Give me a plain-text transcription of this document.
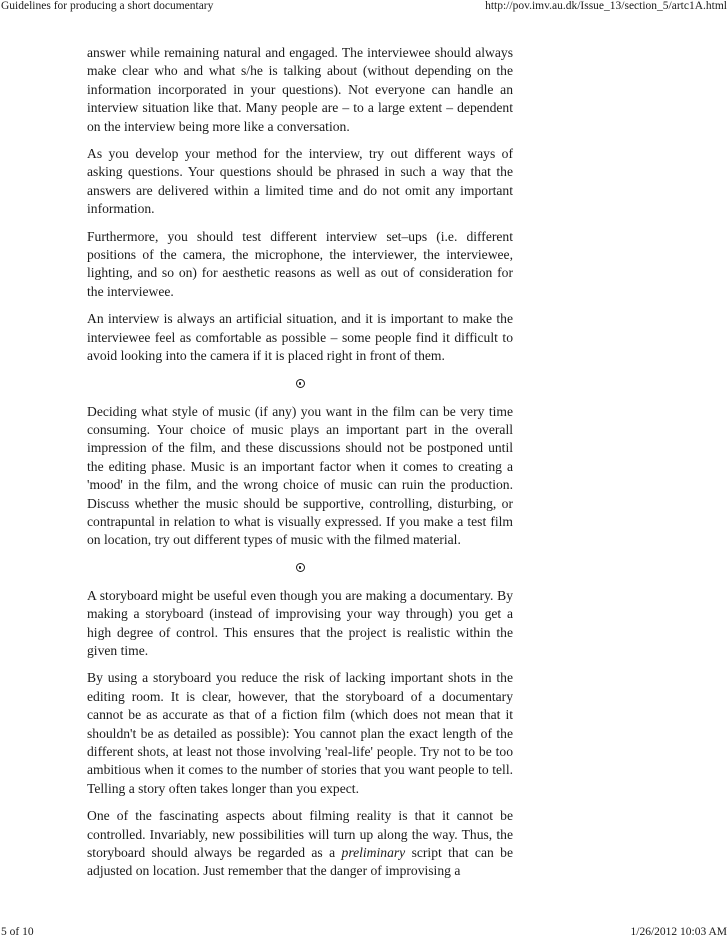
Guidelines for producing a short documentary	http://pov.imv.au.dk/Issue_13/section_5/artc1A.html

answer while remaining natural and engaged. The interviewee should always make clear who and what s/he is talking about (without depending on the information incorporated in your questions). Not everyone can handle an interview situation like that. Many people are – to a large extent – dependent on the interview being more like a conversation.

As you develop your method for the interview, try out different ways of asking questions. Your questions should be phrased in such a way that the answers are delivered within a limited time and do not omit any important information.

Furthermore, you should test different interview set–ups (i.e. different positions of the camera, the microphone, the interviewer, the interviewee, lighting, and so on) for aesthetic reasons as well as out of consideration for the interviewee.

An interview is always an artificial situation, and it is important to make the interviewee feel as comfortable as possible – some people find it difficult to avoid looking into the camera if it is placed right in front of them.

Deciding what style of music (if any) you want in the film can be very time consuming. Your choice of music plays an important part in the overall impression of the film, and these discussions should not be postponed until the editing phase. Music is an important factor when it comes to creating a 'mood' in the film, and the wrong choice of music can ruin the production. Discuss whether the music should be supportive, controlling, disturbing, or contrapuntal in relation to what is visually expressed. If you make a test film on location, try out different types of music with the filmed material.

A storyboard might be useful even though you are making a documentary. By making a storyboard (instead of improvising your way through) you get a high degree of control. This ensures that the project is realistic within the given time.

By using a storyboard you reduce the risk of lacking important shots in the editing room. It is clear, however, that the storyboard of a documentary cannot be as accurate as that of a fiction film (which does not mean that it shouldn't be as detailed as possible): You cannot plan the exact length of the different shots, at least not those involving 'real-life' people. Try not to be too ambitious when it comes to the number of stories that you want people to tell. Telling a story often takes longer than you expect.

One of the fascinating aspects about filming reality is that it cannot be controlled. Invariably, new possibilities will turn up along the way. Thus, the storyboard should always be regarded as a preliminary script that can be adjusted on location. Just remember that the danger of improvising a

5 of 10	1/26/2012 10:03 AM
